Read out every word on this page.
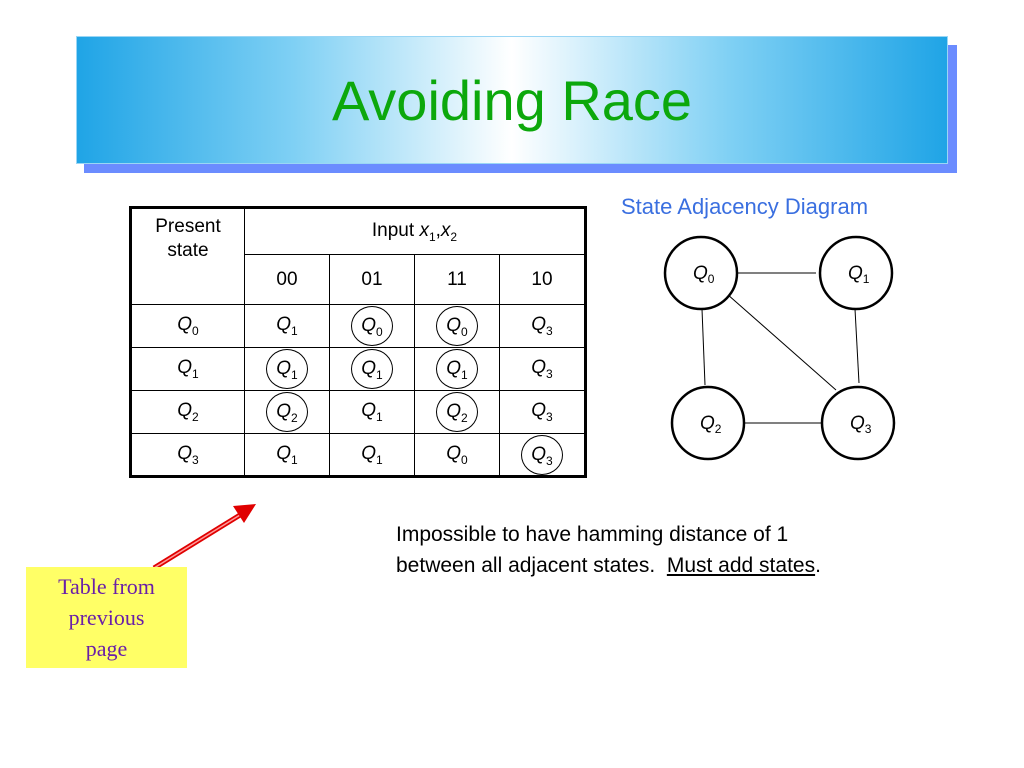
Avoiding Race
Present
state	Input $x_1,x_2$
	00	01	11	10
$Q_0$	$Q_1$	$Q_0$	$Q_0$	$Q_3$
$Q_1$	$Q_1$	$Q_1$	$Q_1$	$Q_3$
$Q_2$	$Q_2$	$Q_1$	$Q_2$	$Q_3$
$Q_3$	$Q_1$	$Q_1$	$Q_0$	$Q_3$
State Adjacency Diagram
$Q_0$	$Q_1$
$Q_2$	$Q_3$
Impossible to have hamming distance of 1
between all adjacent states.  Must add states.
Table from
previous
page
